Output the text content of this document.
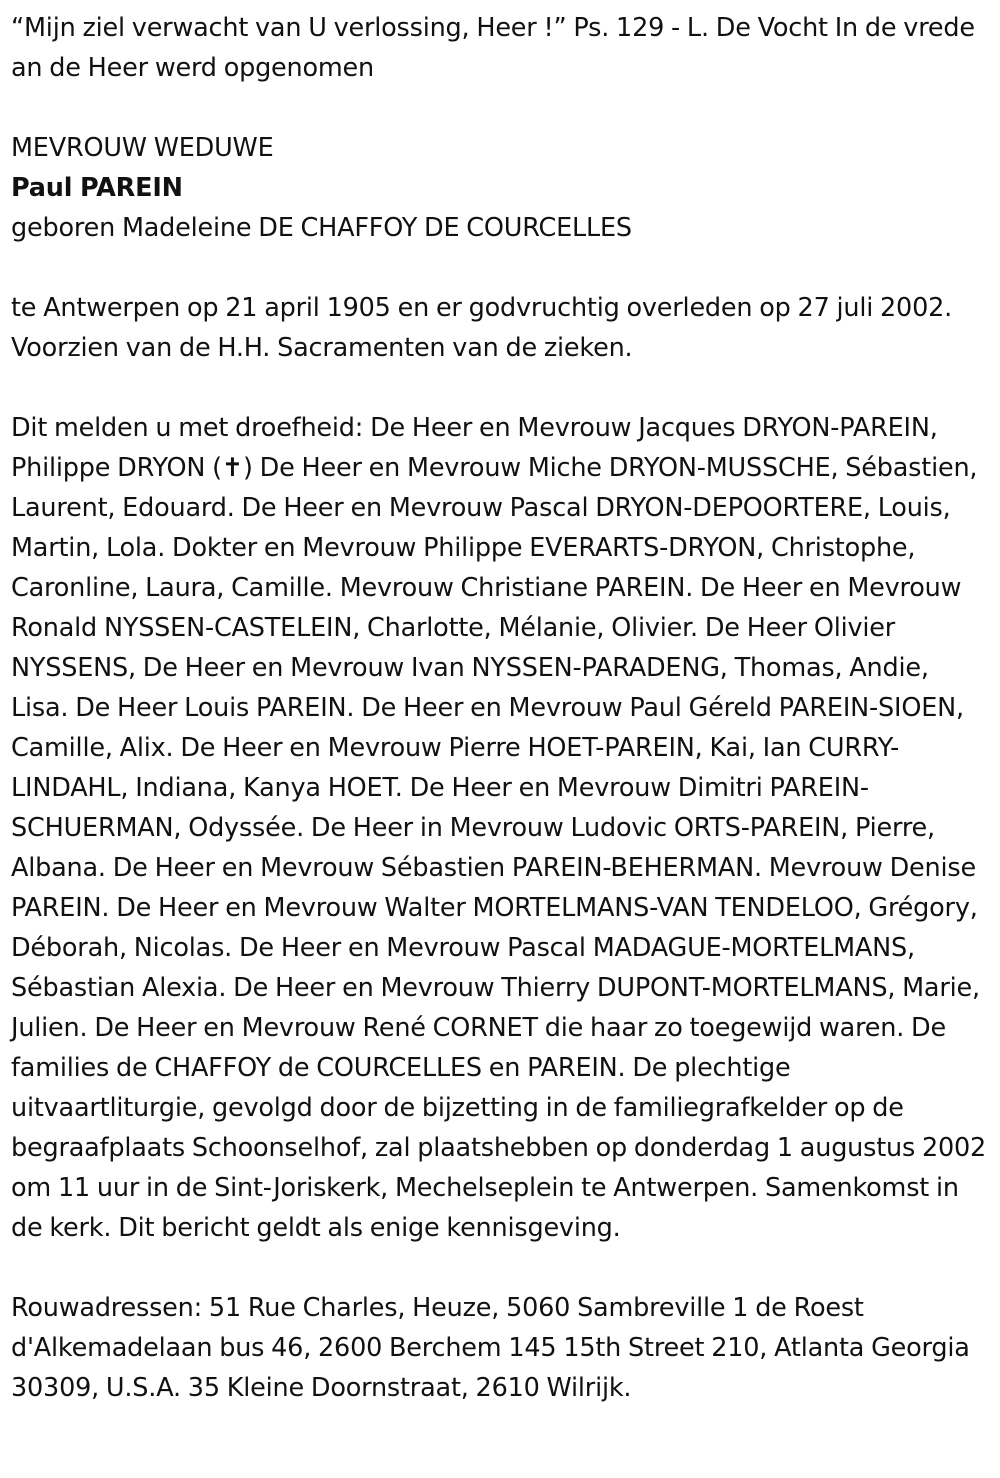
“Mijn ziel verwacht van U verlossing, Heer !” Ps. 129 - L. De Vocht In de vrede an de Heer werd opgenomen

MEVROUW WEDUWE

Paul PAREIN

geboren Madeleine DE CHAFFOY DE COURCELLES

te Antwerpen op 21 april 1905 en er godvruchtig overleden op 27 juli 2002. Voorzien van de H.H. Sacramenten van de zieken.

Dit melden u met droefheid: De Heer en Mevrouw Jacques DRYON-PAREIN, Philippe DRYON (✝) De Heer en Mevrouw Miche DRYON-MUSSCHE, Sébastien, Laurent, Edouard. De Heer en Mevrouw Pascal DRYON-DEPOORTERE, Louis, Martin, Lola. Dokter en Mevrouw Philippe EVERARTS-DRYON, Christophe, Caronline, Laura, Camille. Mevrouw Christiane PAREIN. De Heer en Mevrouw Ronald NYSSEN-CASTELEIN, Charlotte, Mélanie, Olivier. De Heer Olivier NYSSENS, De Heer en Mevrouw Ivan NYSSEN-PARADENG, Thomas, Andie, Lisa. De Heer Louis PAREIN. De Heer en Mevrouw Paul Géreld PAREIN-SIOEN, Camille, Alix. De Heer en Mevrouw Pierre HOET-PAREIN, Kai, Ian CURRY-LINDAHL, Indiana, Kanya HOET. De Heer en Mevrouw Dimitri PAREIN-SCHUERMAN, Odyssée. De Heer in Mevrouw Ludovic ORTS-PAREIN, Pierre, Albana. De Heer en Mevrouw Sébastien PAREIN-BEHERMAN. Mevrouw Denise PAREIN. De Heer en Mevrouw Walter MORTELMANS-VAN TENDELOO, Grégory, Déborah, Nicolas. De Heer en Mevrouw Pascal MADAGUE-MORTELMANS, Sébastian Alexia. De Heer en Mevrouw Thierry DUPONT-MORTELMANS, Marie, Julien. De Heer en Mevrouw René CORNET die haar zo toegewijd waren. De families de CHAFFOY de COURCELLES en PAREIN. De plechtige uitvaartliturgie, gevolgd door de bijzetting in de familiegrafkelder op de begraafplaats Schoonselhof, zal plaatshebben op donderdag 1 augustus 2002 om 11 uur in de Sint-Joriskerk, Mechelseplein te Antwerpen. Samenkomst in de kerk. Dit bericht geldt als enige kennisgeving.

Rouwadressen: 51 Rue Charles, Heuze, 5060 Sambreville 1 de Roest d'Alkemadelaan bus 46, 2600 Berchem 145 15th Street 210, Atlanta Georgia 30309, U.S.A. 35 Kleine Doornstraat, 2610 Wilrijk.
